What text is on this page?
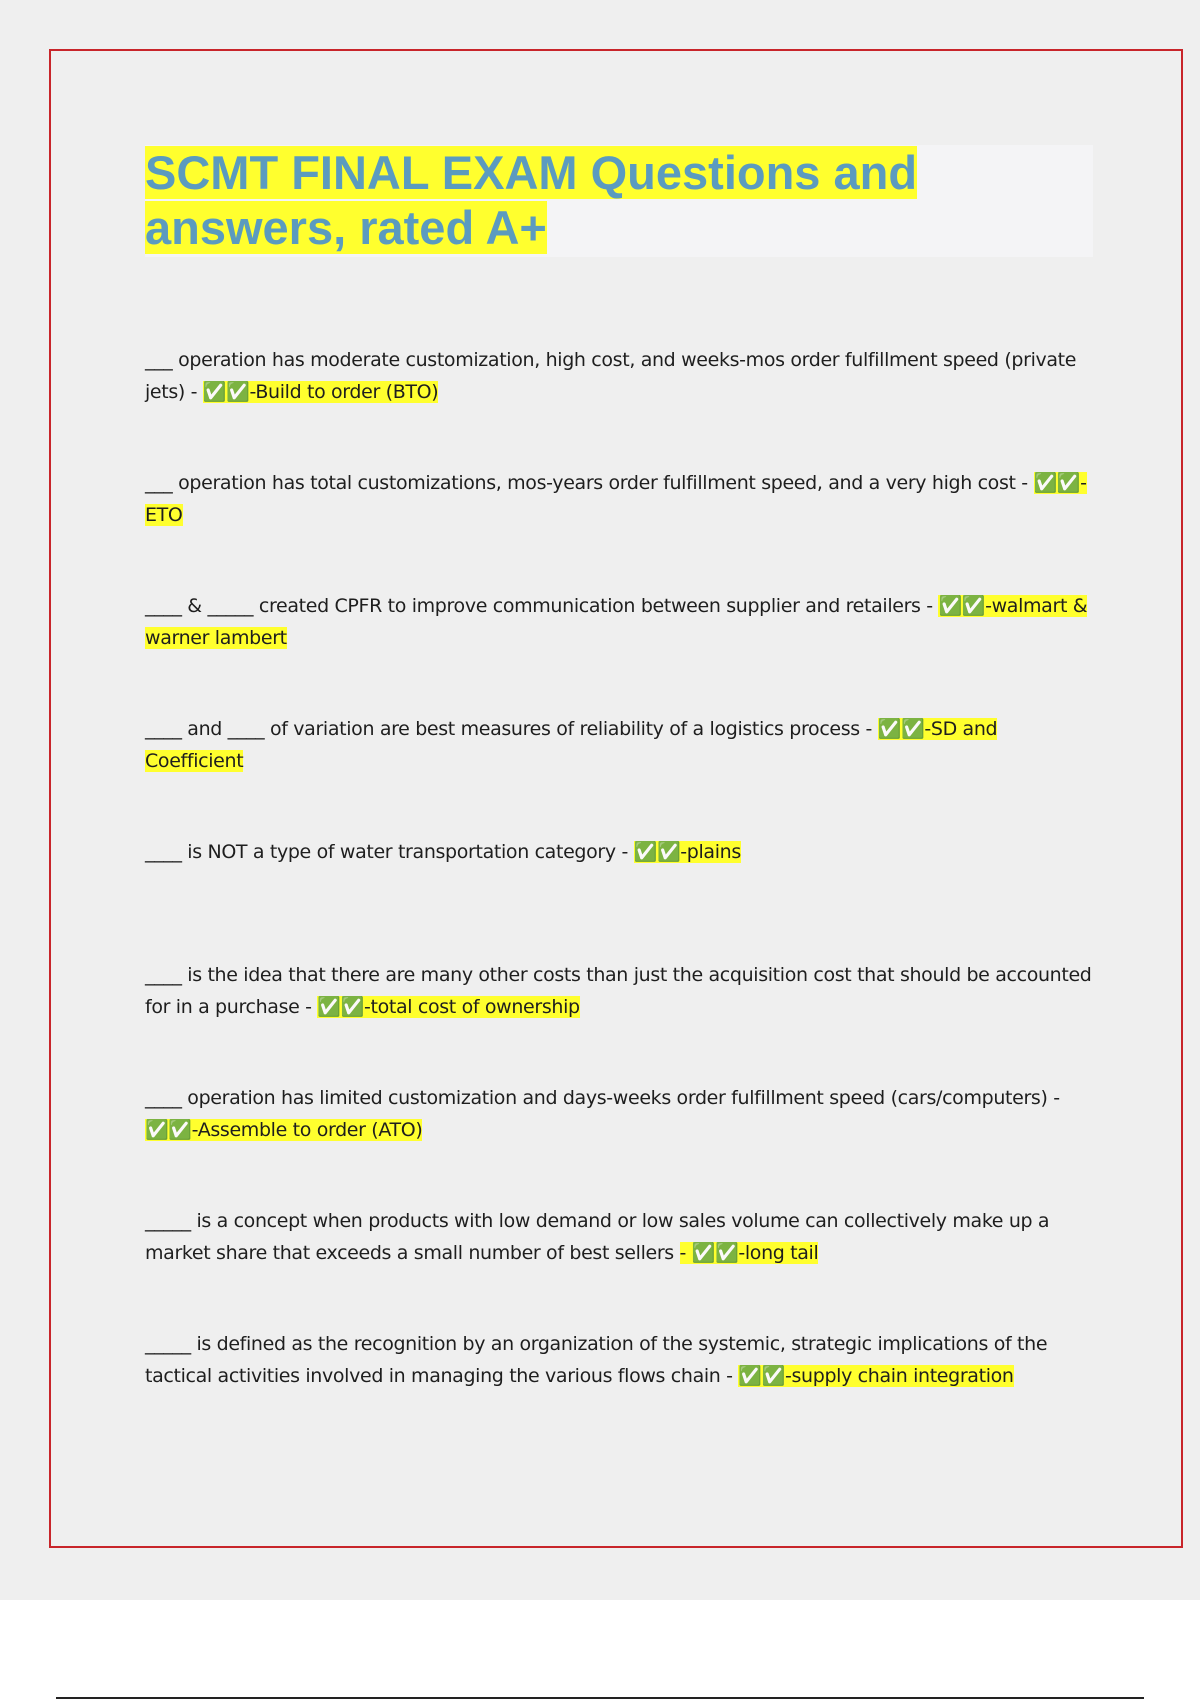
SCMT FINAL EXAM Questions and answers, rated A+
___ operation has moderate customization, high cost, and weeks-mos order fulfillment speed (private jets) - ✅✅-Build to order (BTO)
___ operation has total customizations, mos-years order fulfillment speed, and a very high cost - ✅✅-ETO
____ & _____ created CPFR to improve communication between supplier and retailers - ✅✅-walmart & warner lambert
____ and ____ of variation are best measures of reliability of a logistics process - ✅✅-SD and Coefficient
____ is NOT a type of water transportation category - ✅✅-plains
____ is the idea that there are many other costs than just the acquisition cost that should be accounted for in a purchase - ✅✅-total cost of ownership
____ operation has limited customization and days-weeks order fulfillment speed (cars/computers) - ✅✅-Assemble to order (ATO)
_____ is a concept when products with low demand or low sales volume can collectively make up a market share that exceeds a small number of best sellers - ✅✅-long tail
_____ is defined as the recognition by an organization of the systemic, strategic implications of the tactical activities involved in managing the various flows chain - ✅✅-supply chain integration
